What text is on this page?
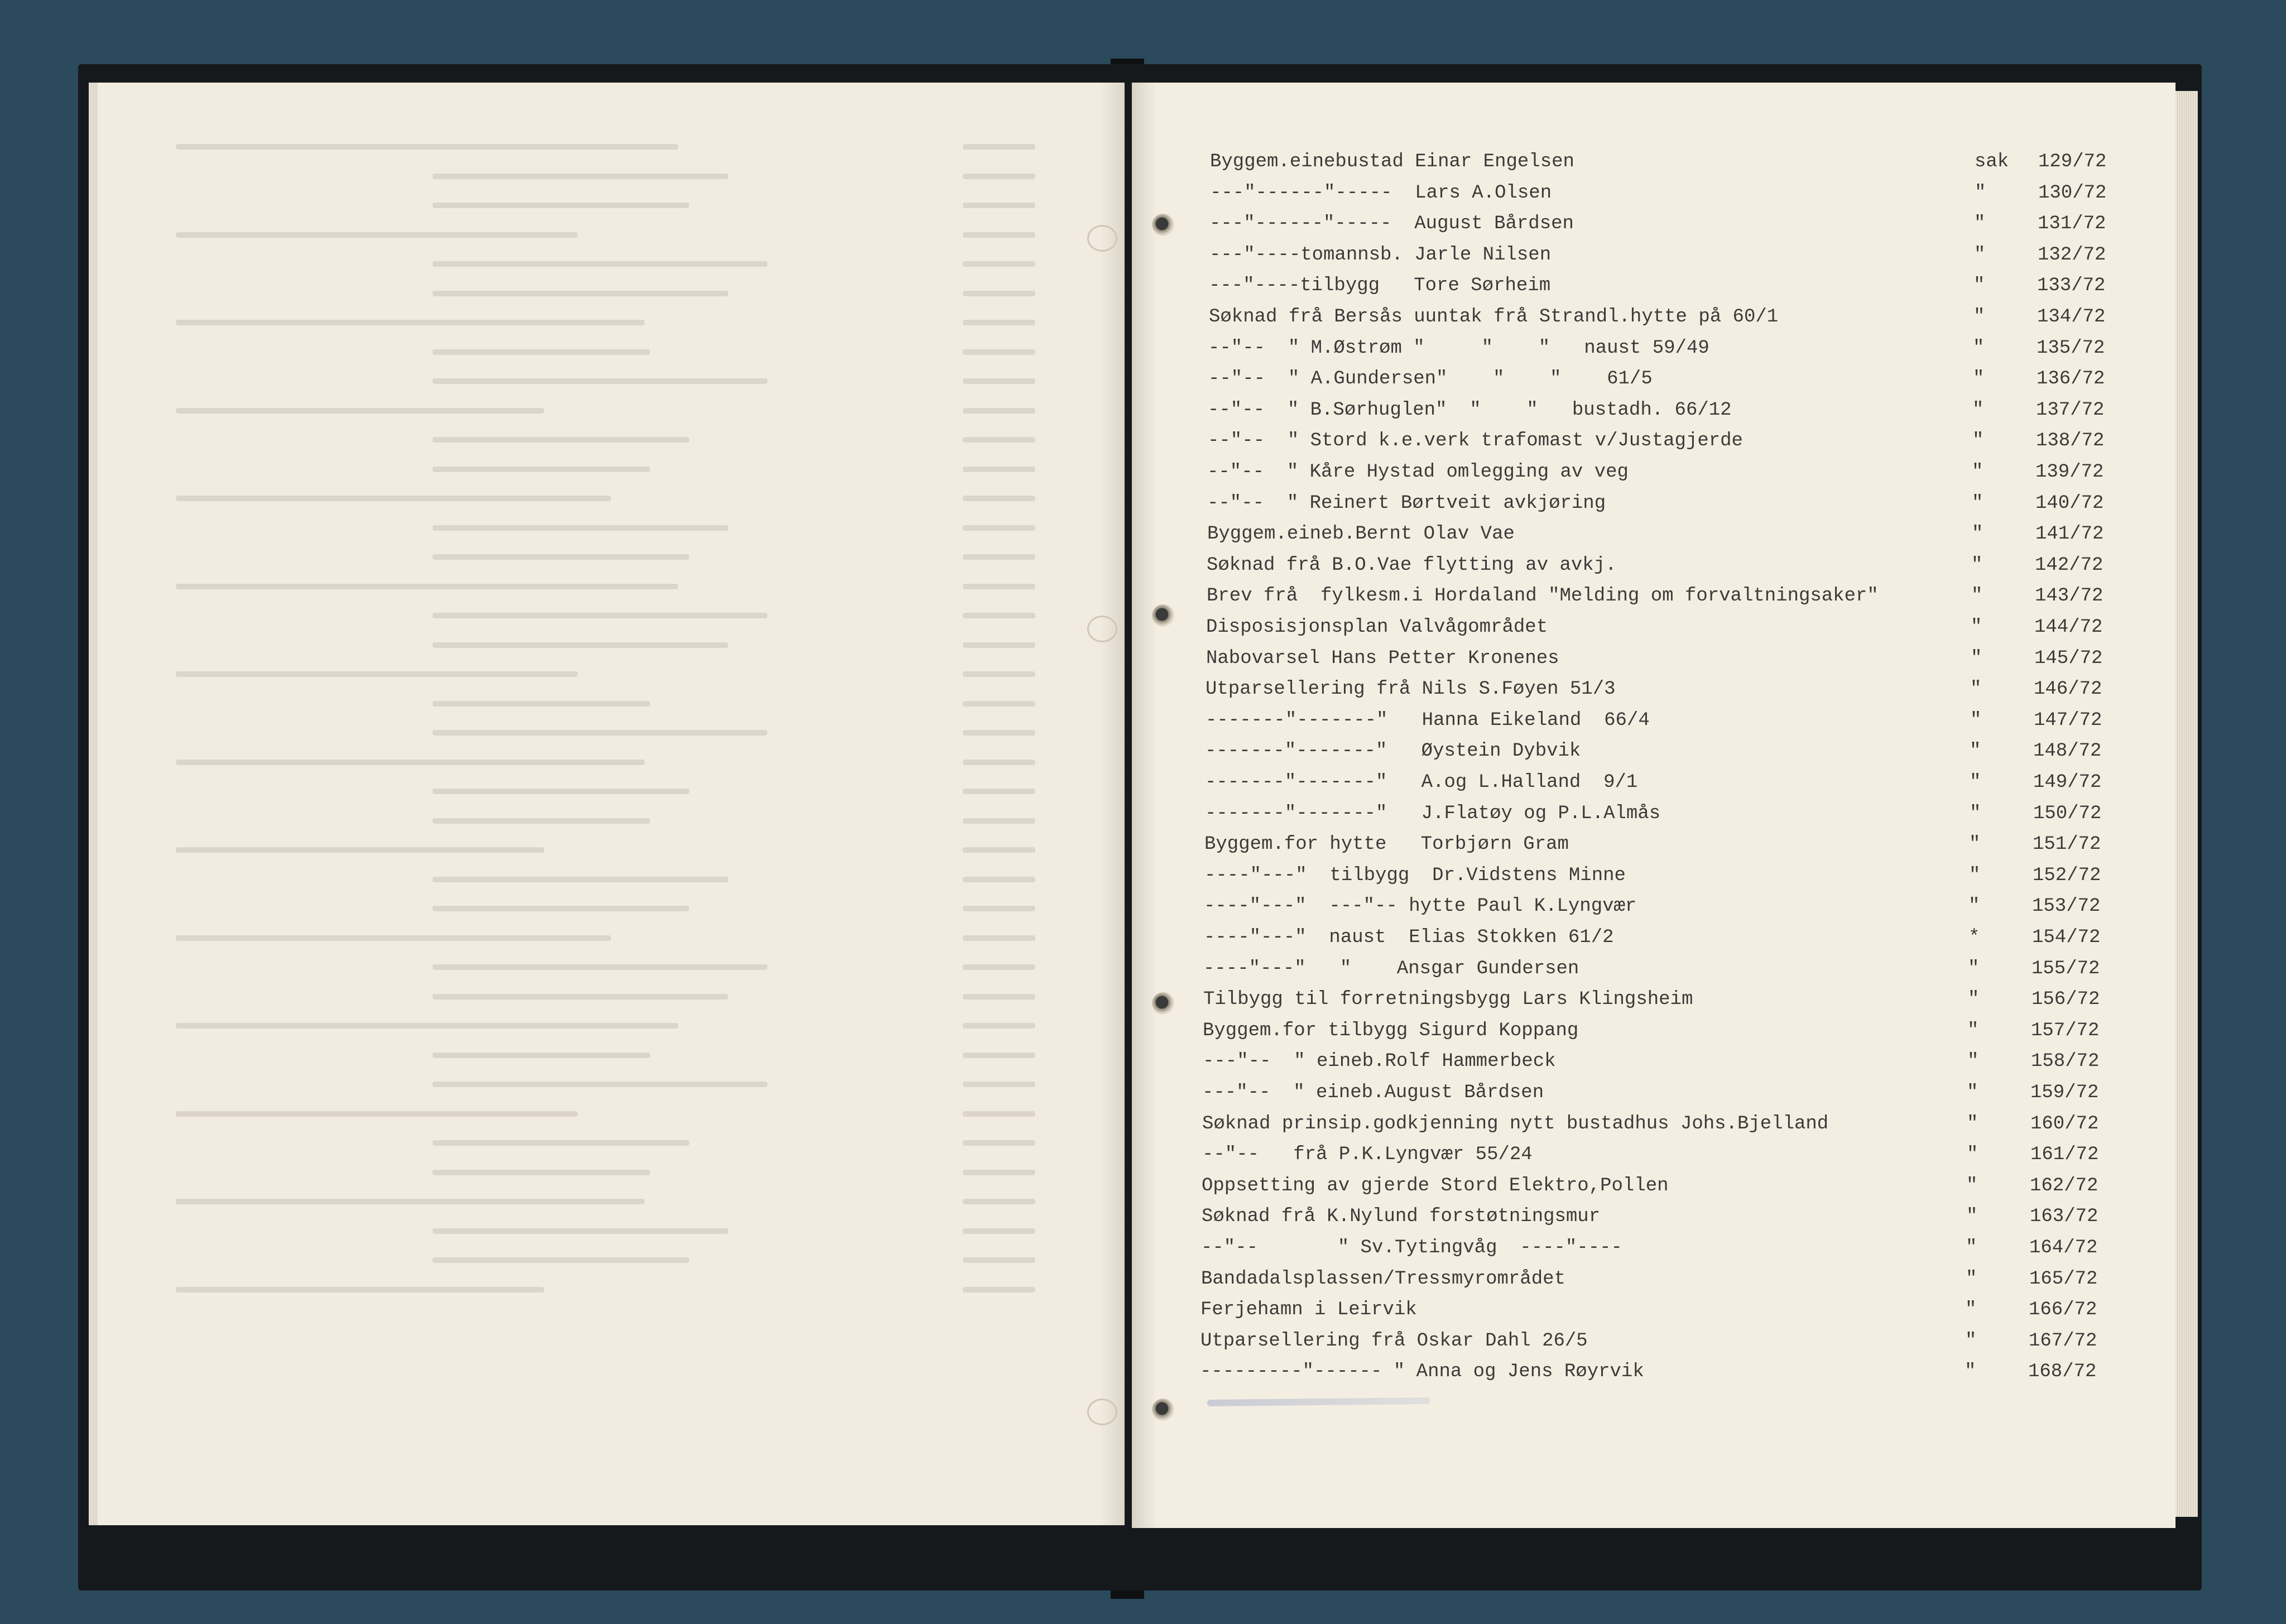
Byggem.einebustad Einar Engelsen	sak 129/72
---"------"-----  Lars A.Olsen	"	130/72
---"------"-----  August Bårdsen	"	131/72
---"----tomannsb. Jarle Nilsen	"	132/72
---"----tilbygg   Tore Sørheim	"	133/72
Søknad frå Bersås uuntak frå Strandl.hytte på 60/1	"	134/72
--"--  " M.Østrøm "     "    "   naust 59/49	"	135/72
--"--  " A.Gundersen"    "    "    61/5	"	136/72
--"--  " B.Sørhuglen"  "    "   bustadh. 66/12	"	137/72
--"--  " Stord k.e.verk trafomast v/Justagjerde	"	138/72
--"--  " Kåre Hystad omlegging av veg	"	139/72
--"--  " Reinert Børtveit avkjøring	"	140/72
Byggem.eineb.Bernt Olav Vae	"	141/72
Søknad frå B.O.Vae flytting av avkj.	"	142/72
Brev frå  fylkesm.i Hordaland "Melding om forvaltningsaker"	"	143/72
Disposisjonsplan Valvågområdet	"	144/72
Nabovarsel Hans Petter Kronenes	"	145/72
Utparsellering frå Nils S.Føyen 51/3	"	146/72
-------"-------"   Hanna Eikeland  66/4	"	147/72
-------"-------"   Øystein Dybvik	"	148/72
-------"-------"   A.og L.Halland  9/1	"	149/72
-------"-------"   J.Flatøy og P.L.Almås	"	150/72
Byggem.for hytte   Torbjørn Gram	"	151/72
----"---"  tilbygg  Dr.Vidstens Minne	"	152/72
----"---"  ---"-- hytte Paul K.Lyngvær	"	153/72
----"---"  naust  Elias Stokken 61/2	*	154/72
----"---"   "    Ansgar Gundersen	"	155/72
Tilbygg til forretningsbygg Lars Klingsheim	"	156/72
Byggem.for tilbygg Sigurd Koppang	"	157/72
---"--  " eineb.Rolf Hammerbeck	"	158/72
---"--  " eineb.August Bårdsen	"	159/72
Søknad prinsip.godkjenning nytt bustadhus Johs.Bjelland	"	160/72
--"--   frå P.K.Lyngvær 55/24	"	161/72
Oppsetting av gjerde Stord Elektro,Pollen	"	162/72
Søknad frå K.Nylund forstøtningsmur	"	163/72
--"--       " Sv.Tytingvåg  ----"----	"	164/72
Bandadalsplassen/Tressmyrområdet	"	165/72
Ferjehamn i Leirvik	"	166/72
Utparsellering frå Oskar Dahl 26/5	"	167/72
---------"------ " Anna og Jens Røyrvik	"	168/72
